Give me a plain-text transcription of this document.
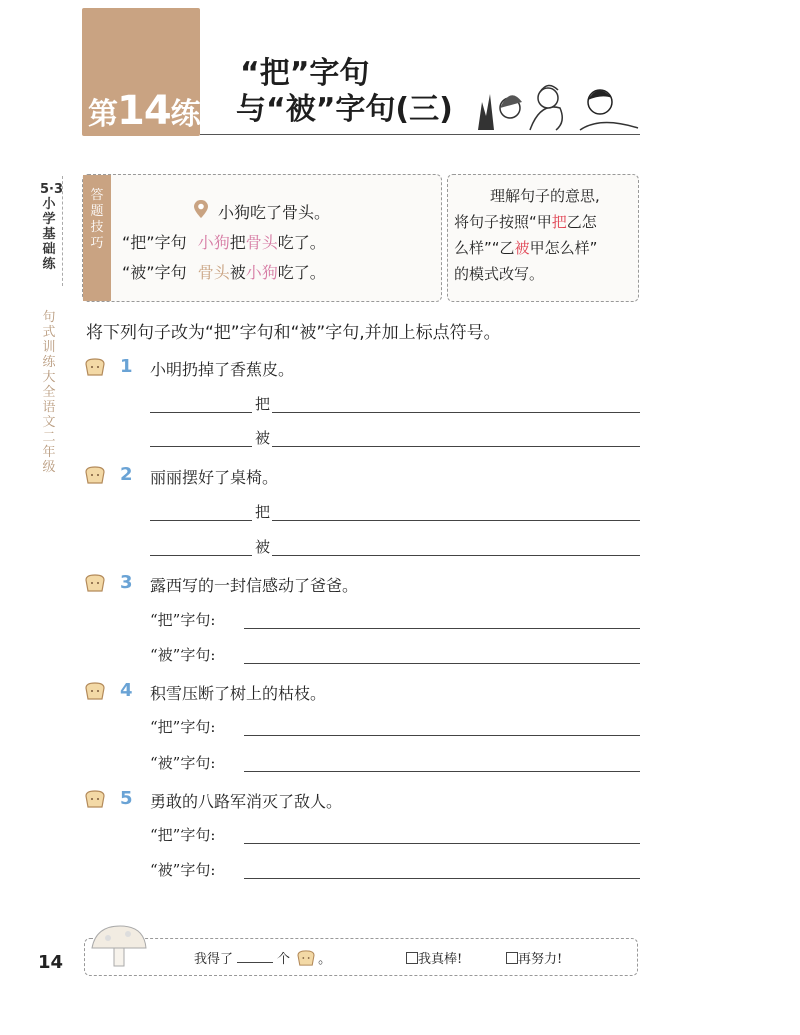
第14练
“把”字句
与“被”字句(三)
5·3小学基础练
句式训练大全 语文 二年级
答题技巧
小狗吃了骨头。
“把”字句 小狗把骨头吃了。
“被”字句 骨头被小狗吃了。
理解句子的意思,
将句子按照“甲把乙怎
么样”“乙被甲怎么样”
的模式改写。
将下列句子改为“把”字句和“被”字句,并加上标点符号。
1 小明扔掉了香蕉皮。
把
被
2 丽丽摆好了桌椅。
把
被
3 露西写的一封信感动了爸爸。
“把”字句:
“被”字句:
4 积雪压断了树上的枯枝。
“把”字句:
“被”字句:
5 勇敢的八路军消灭了敌人。
“把”字句:
“被”字句:
14	我得了	个 。	我真棒!	再努力!
